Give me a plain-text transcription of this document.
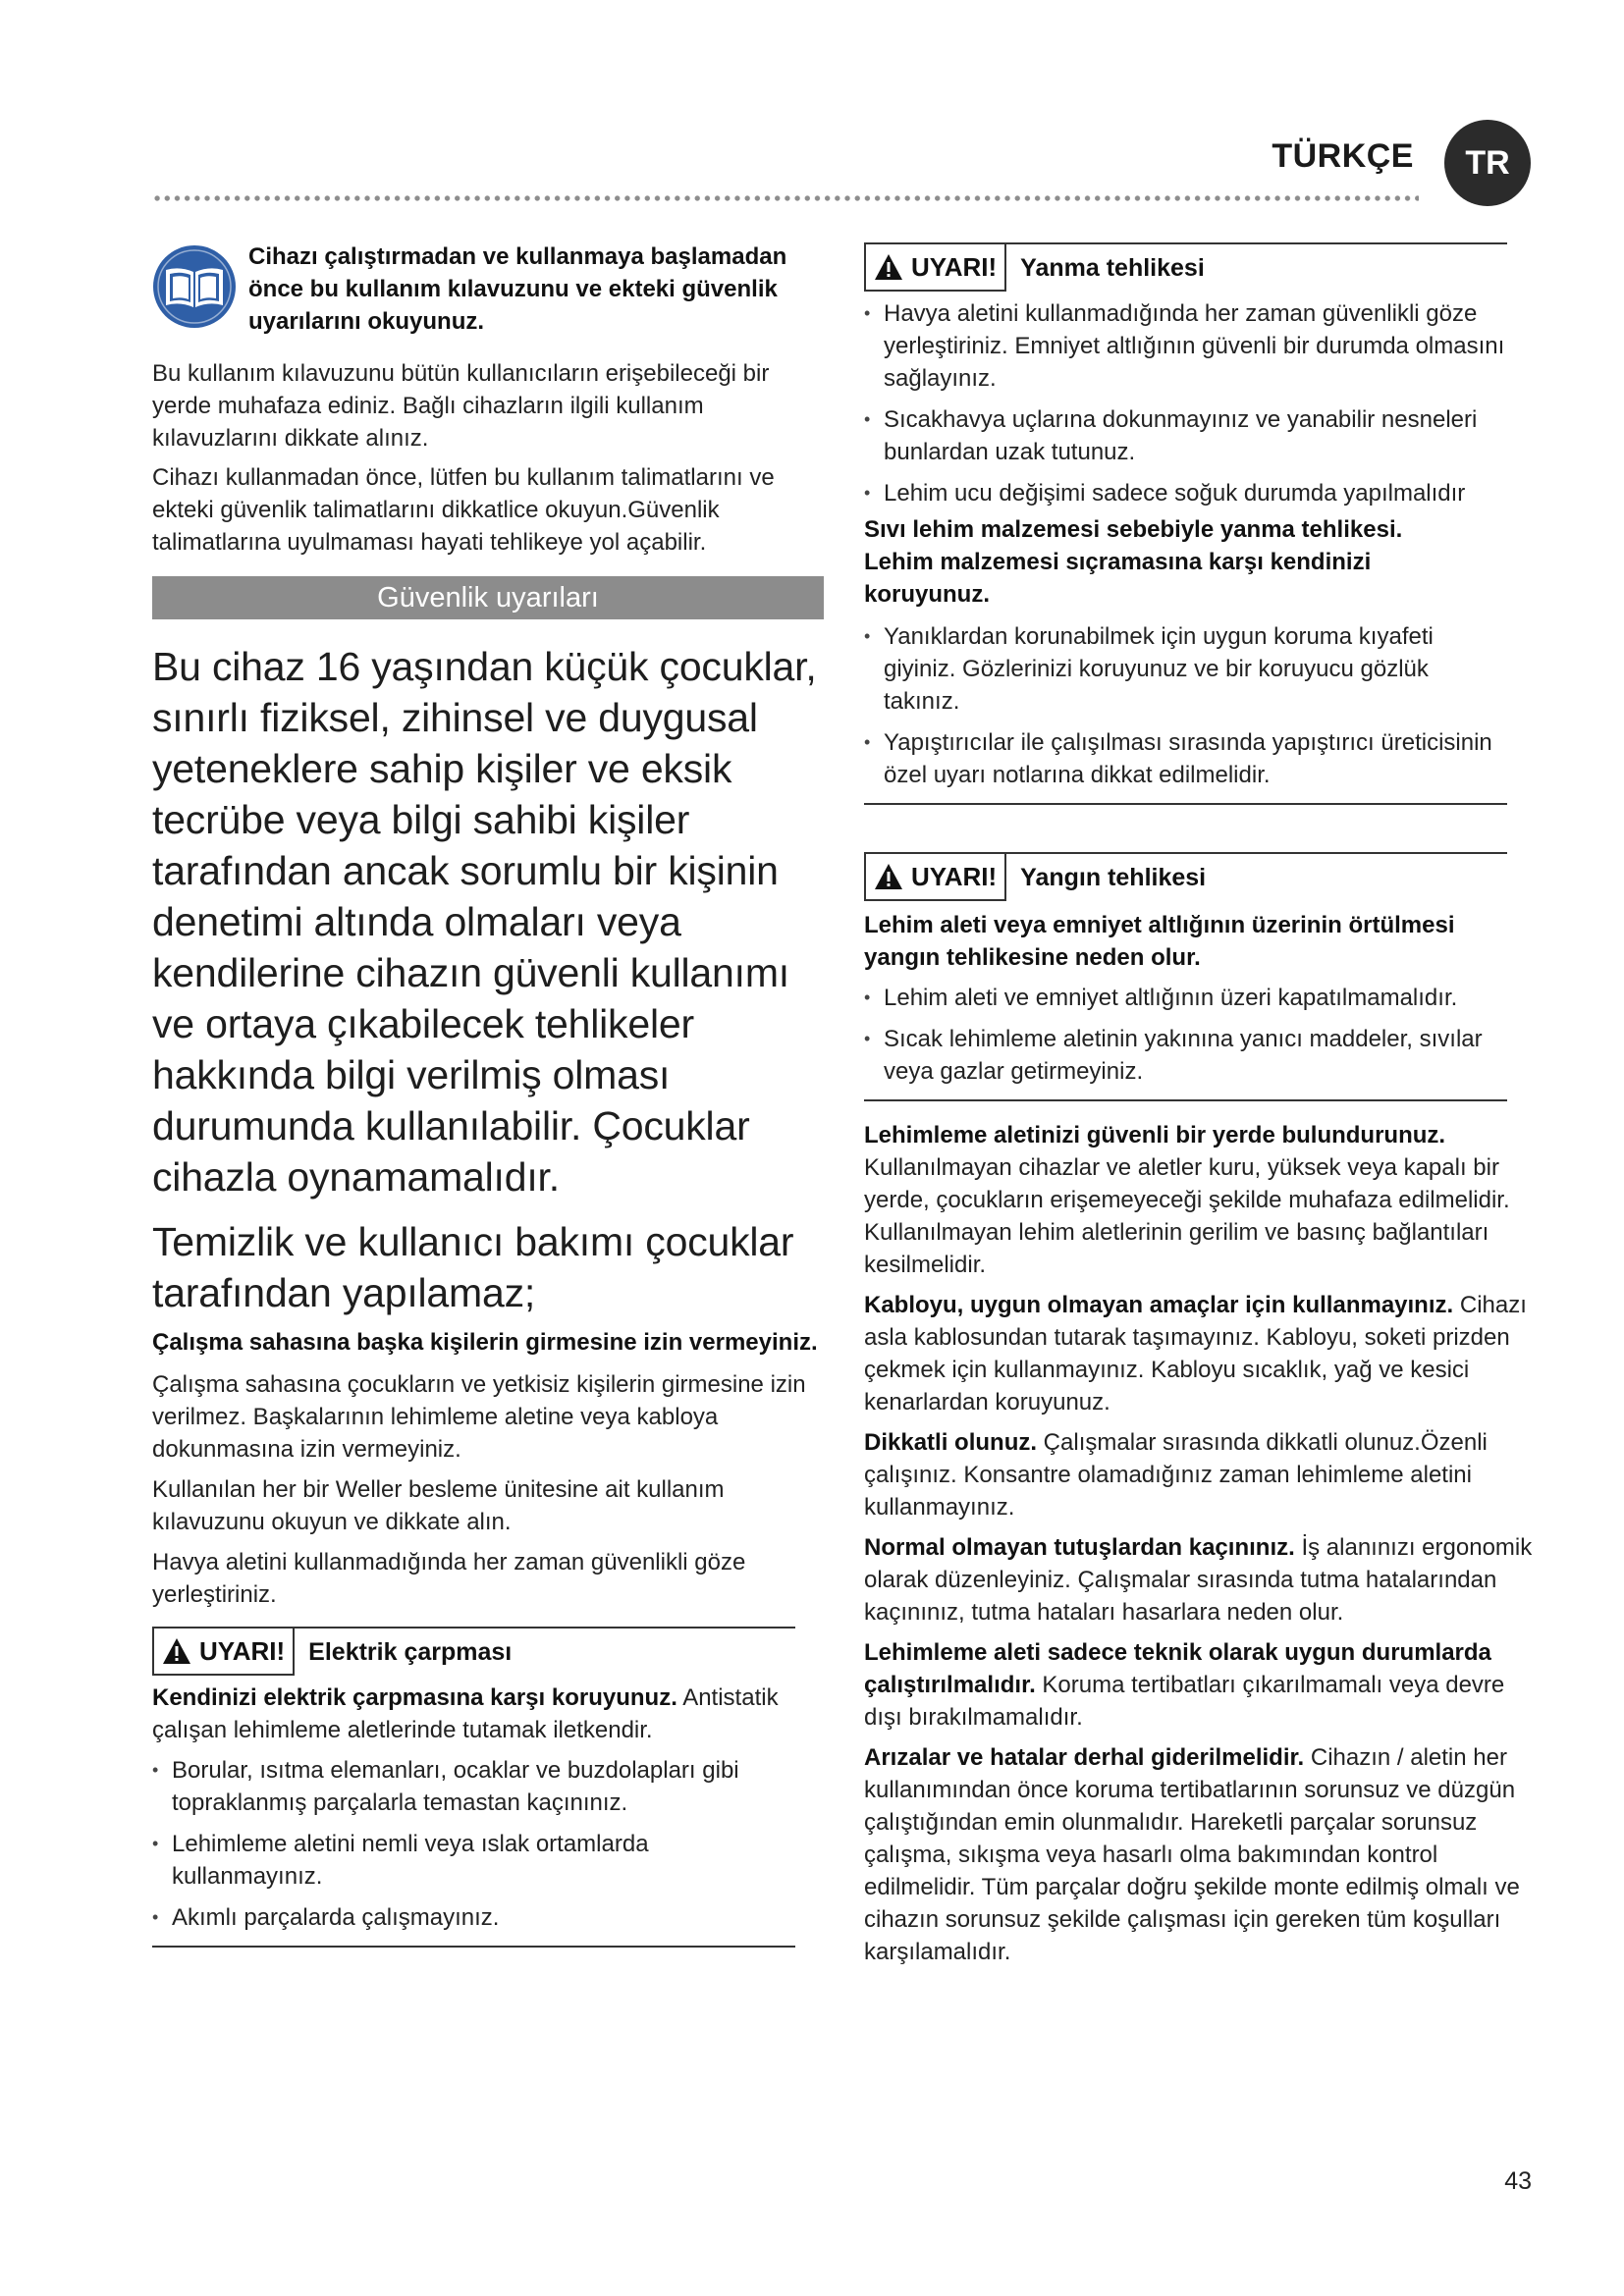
TÜRKÇE	TR
Cihazı çalıştırmadan ve kullanmaya başlamadan önce bu kullanım kılavuzunu ve ekteki güvenlik uyarılarını okuyunuz.
Bu kullanım kılavuzunu bütün kullanıcıların erişebileceği bir yerde muhafaza ediniz. Bağlı cihazların ilgili kullanım kılavuzlarını dikkate alınız.
Cihazı kullanmadan önce, lütfen bu kullanım talimatlarını ve ekteki güvenlik talimatlarını dikkatlice okuyun.Güvenlik talimatlarına uyulmaması hayati tehlikeye yol açabilir.
Güvenlik uyarıları
Bu cihaz 16 yaşından küçük çocuklar, sınırlı fiziksel, zihinsel ve duygusal yeteneklere sahip kişiler ve eksik tecrübe veya bilgi sahibi kişiler tarafından ancak sorumlu bir kişinin denetimi altında olmaları veya kendilerine cihazın güvenli kullanımı ve ortaya çıkabilecek tehlikeler hakkında bilgi verilmiş olması durumunda kullanılabilir. Çocuklar cihazla oynamamalıdır.
Temizlik ve kullanıcı bakımı çocuklar tarafından yapılamaz;
Çalışma sahasına başka kişilerin girmesine izin vermeyiniz.
Çalışma sahasına çocukların ve yetkisiz kişilerin girmesine izin verilmez. Başkalarının lehimleme aletine veya kabloya dokunmasına izin vermeyiniz.
Kullanılan her bir Weller besleme ünitesine ait kullanım kılavuzunu okuyun ve dikkate alın.
Havya aletini kullanmadığında her zaman güvenlikli göze yerleştiriniz.
UYARI! Elektrik çarpması
Kendinizi elektrik çarpmasına karşı koruyunuz. Antistatik çalışan lehimleme aletlerinde tutamak iletkendir.
• Borular, ısıtma elemanları, ocaklar ve buzdolapları gibi topraklanmış parçalarla temastan kaçınınız.
• Lehimleme aletini nemli veya ıslak ortamlarda kullanmayınız.
• Akımlı parçalarda çalışmayınız.
UYARI! Yanma tehlikesi
• Havya aletini kullanmadığında her zaman güvenlikli göze yerleştiriniz. Emniyet altlığının güvenli bir durumda olmasını sağlayınız.
• Sıcakhavya uçlarına dokunmayınız ve yanabilir nesneleri bunlardan uzak tutunuz.
• Lehim ucu değişimi sadece soğuk durumda yapılmalıdır
Sıvı lehim malzemesi sebebiyle yanma tehlikesi. Lehim malzemesi sıçramasına karşı kendinizi koruyunuz.
• Yanıklardan korunabilmek için uygun koruma kıyafeti giyiniz. Gözlerinizi koruyunuz ve bir koruyucu gözlük takınız.
• Yapıştırıcılar ile çalışılması sırasında yapıştırıcı üreticisinin özel uyarı notlarına dikkat edilmelidir.
UYARI! Yangın tehlikesi
Lehim aleti veya emniyet altlığının üzerinin örtülmesi yangın tehlikesine neden olur.
• Lehim aleti ve emniyet altlığının üzeri kapatılmamalıdır.
• Sıcak lehimleme aletinin yakınına yanıcı maddeler, sıvılar veya gazlar getirmeyiniz.
Lehimleme aletinizi güvenli bir yerde bulundurunuz. Kullanılmayan cihazlar ve aletler kuru, yüksek veya kapalı bir yerde, çocukların erişemeyeceği şekilde muhafaza edilmelidir. Kullanılmayan lehim aletlerinin gerilim ve basınç bağlantıları kesilmelidir.
Kabloyu, uygun olmayan amaçlar için kullanmayınız. Cihazı asla kablosundan tutarak taşımayınız. Kabloyu, soketi prizden çekmek için kullanmayınız. Kabloyu sıcaklık, yağ ve kesici kenarlardan koruyunuz.
Dikkatli olunuz. Çalışmalar sırasında dikkatli olunuz.Özenli çalışınız. Konsantre olamadığınız zaman lehimleme aletini kullanmayınız.
Normal olmayan tutuşlardan kaçınınız. İş alanınızı ergonomik olarak düzenleyiniz. Çalışmalar sırasında tutma hatalarından kaçınınız, tutma hataları hasarlara neden olur.
Lehimleme aleti sadece teknik olarak uygun durumlarda çalıştırılmalıdır. Koruma tertibatları çıkarılmamalı veya devre dışı bırakılmamalıdır.
Arızalar ve hatalar derhal giderilmelidir. Cihazın / aletin her kullanımından önce koruma tertibatlarının sorunsuz ve düzgün çalıştığından emin olunmalıdır. Hareketli parçalar sorunsuz çalışma, sıkışma veya hasarlı olma bakımından kontrol edilmelidir. Tüm parçalar doğru şekilde monte edilmiş olmalı ve cihazın sorunsuz şekilde çalışması için gereken tüm koşulları karşılamalıdır.
43
